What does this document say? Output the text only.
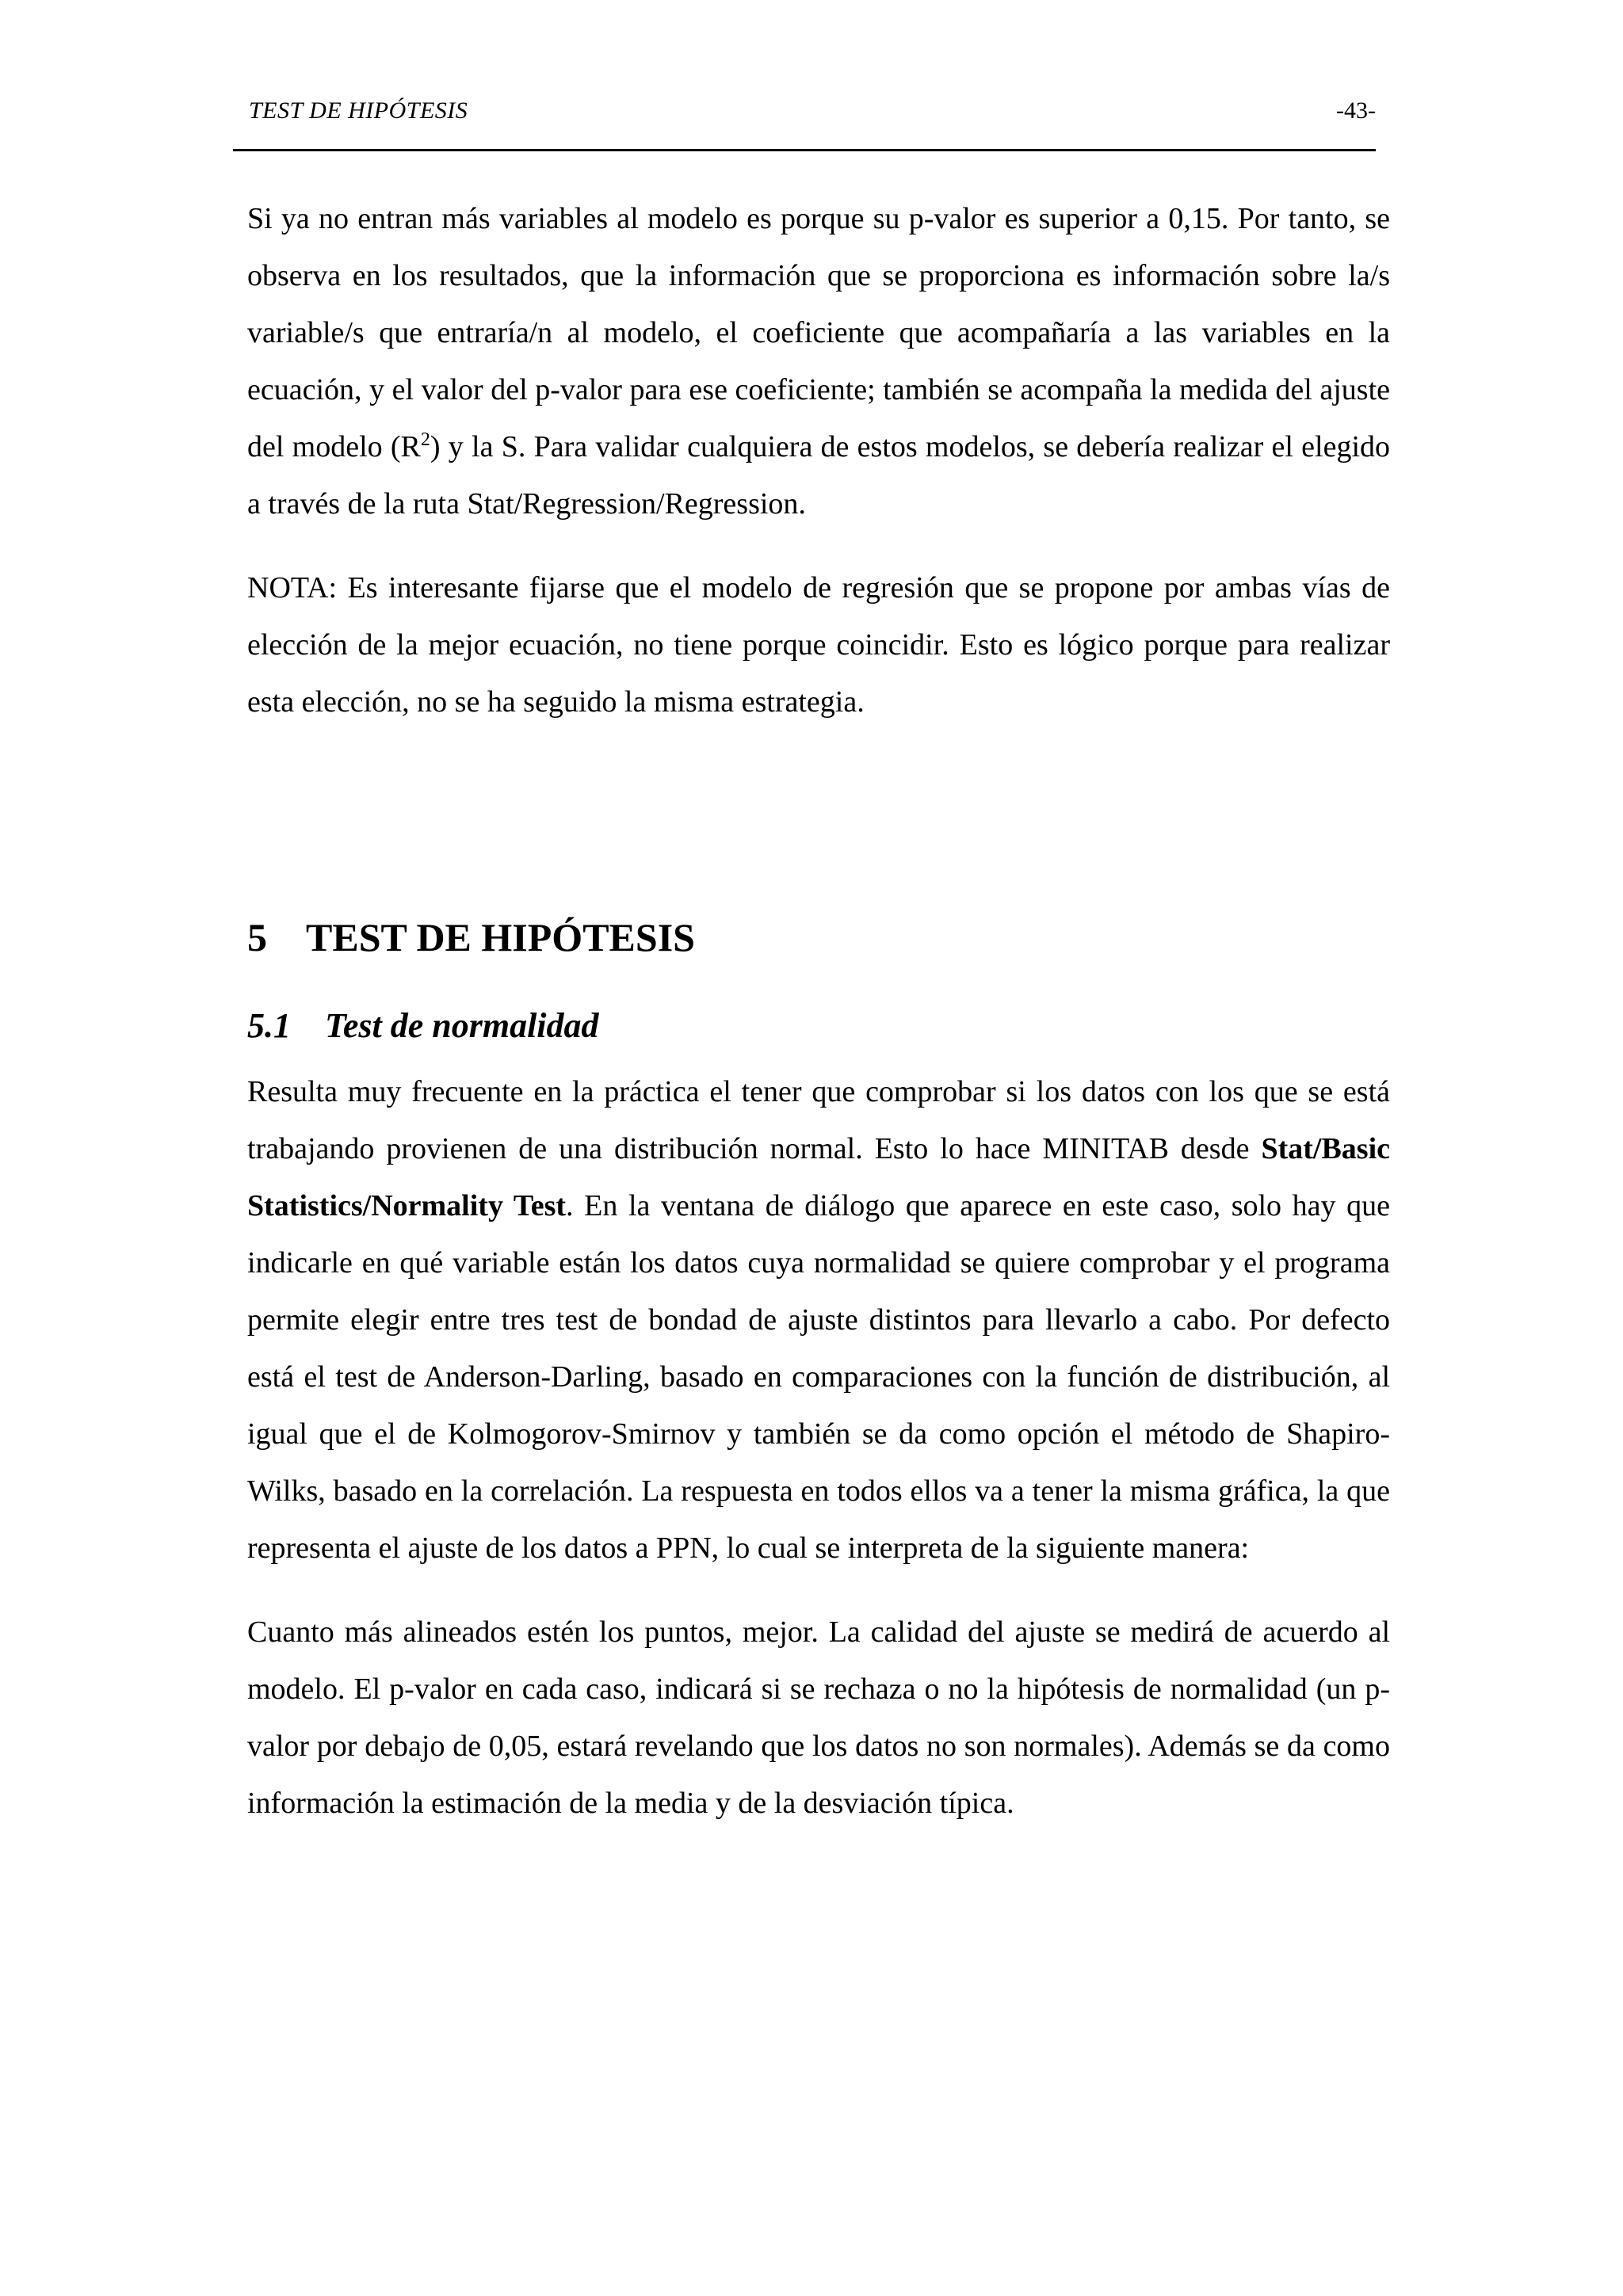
TEST DE HIPÓTESIS	-43-

Si ya no entran más variables al modelo es porque su p-valor es superior a 0,15. Por tanto, se observa en los resultados, que la información que se proporciona es información sobre la/s variable/s que entraría/n al modelo, el coeficiente que acompañaría a las variables en la ecuación, y el valor del p-valor para ese coeficiente; también se acompaña la medida del ajuste del modelo $(R^2)$ y la S. Para validar cualquiera de estos modelos, se debería realizar el elegido a través de la ruta Stat/Regression/Regression.

NOTA: Es interesante fijarse que el modelo de regresión que se propone por ambas vías de elección de la mejor ecuación, no tiene porque coincidir. Esto es lógico porque para realizar esta elección, no se ha seguido la misma estrategia.

5 TEST DE HIPÓTESIS
5.1 Test de normalidad

Resulta muy frecuente en la práctica el tener que comprobar si los datos con los que se está trabajando provienen de una distribución normal. Esto lo hace MINITAB desde Stat/Basic Statistics/Normality Test. En la ventana de diálogo que aparece en este caso, solo hay que indicarle en qué variable están los datos cuya normalidad se quiere comprobar y el programa permite elegir entre tres test de bondad de ajuste distintos para llevarlo a cabo. Por defecto está el test de Anderson-Darling, basado en comparaciones con la función de distribución, al igual que el de Kolmogorov-Smirnov y también se da como opción el método de Shapiro-Wilks, basado en la correlación. La respuesta en todos ellos va a tener la misma gráfica, la que representa el ajuste de los datos a PPN, lo cual se interpreta de la siguiente manera:

Cuanto más alineados estén los puntos, mejor. La calidad del ajuste se medirá de acuerdo al modelo. El p-valor en cada caso, indicará si se rechaza o no la hipótesis de normalidad (un p-valor por debajo de 0,05, estará revelando que los datos no son normales). Además se da como información la estimación de la media y de la desviación típica.
